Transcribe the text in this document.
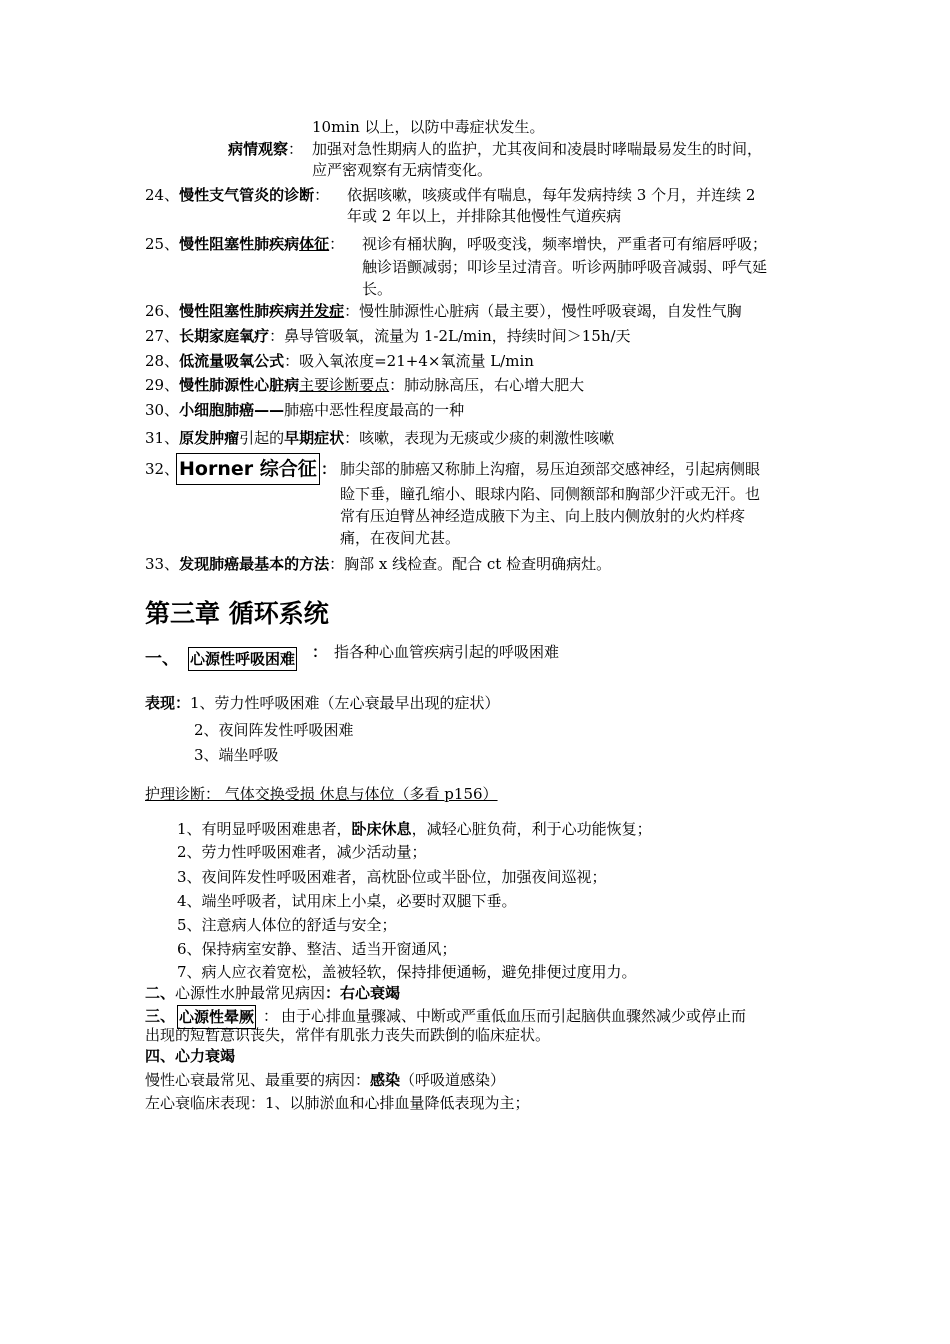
10min 以上，以防中毒症状发生。
病情观察： 加强对急性期病人的监护，尤其夜间和凌晨时哮喘最易发生的时间，
应严密观察有无病情变化。
24、慢性支气管炎的诊断： 依据咳嗽，咳痰或伴有喘息，每年发病持续 3 个月，并连续 2
年或 2 年以上，并排除其他慢性气道疾病
25、慢性阻塞性肺疾病体征： 视诊有桶状胸，呼吸变浅，频率增快，严重者可有缩唇呼吸；
触诊语颤减弱；叩诊呈过清音。听诊两肺呼吸音减弱、呼气延
长。
26、慢性阻塞性肺疾病并发症：慢性肺源性心脏病（最主要），慢性呼吸衰竭，自发性气胸
27、长期家庭氧疗：鼻导管吸氧，流量为 1-2L/min，持续时间＞15h/天
28、低流量吸氧公式：吸入氧浓度=21+4×氧流量 L/min
29、慢性肺源性心脏病主要诊断要点：肺动脉高压，右心增大肥大
30、小细胞肺癌——肺癌中恶性程度最高的一种
31、原发肿瘤引起的早期症状：咳嗽，表现为无痰或少痰的刺激性咳嗽
32、 Horner 综合征 ： 肺尖部的肺癌又称肺上沟瘤，易压迫颈部交感神经，引起病侧眼
睑下垂，瞳孔缩小、眼球内陷、同侧额部和胸部少汗或无汗。也
常有压迫臂丛神经造成腋下为主、向上肢内侧放射的火灼样疼
痛，在夜间尤甚。
33、发现肺癌最基本的方法：胸部 x 线检查。配合 ct 检查明确病灶。
第三章 循环系统
一、 心源性呼吸困难 ： 指各种心血管疾病引起的呼吸困难
表现：1、劳力性呼吸困难（左心衰最早出现的症状）
2、夜间阵发性呼吸困难
3、端坐呼吸
护理诊断： 气体交换受损 休息与体位（多看 p156）
1、有明显呼吸困难患者，卧床休息，减轻心脏负荷，利于心功能恢复；
2、劳力性呼吸困难者，减少活动量；
3、夜间阵发性呼吸困难者，高枕卧位或半卧位，加强夜间巡视；
4、端坐呼吸者，试用床上小桌，必要时双腿下垂。
5、注意病人体位的舒适与安全；
6、保持病室安静、整洁、适当开窗通风；
7、病人应衣着宽松，盖被轻软，保持排便通畅，避免排便过度用力。
二、心源性水肿最常见病因：右心衰竭
三、 心源性晕厥 ： 由于心排血量骤减、中断或严重低血压而引起脑供血骤然减少或停止而
出现的短暂意识丧失，常伴有肌张力丧失而跌倒的临床症状。
四、心力衰竭
慢性心衰最常见、最重要的病因：感染（呼吸道感染）
左心衰临床表现：1、以肺淤血和心排血量降低表现为主；
